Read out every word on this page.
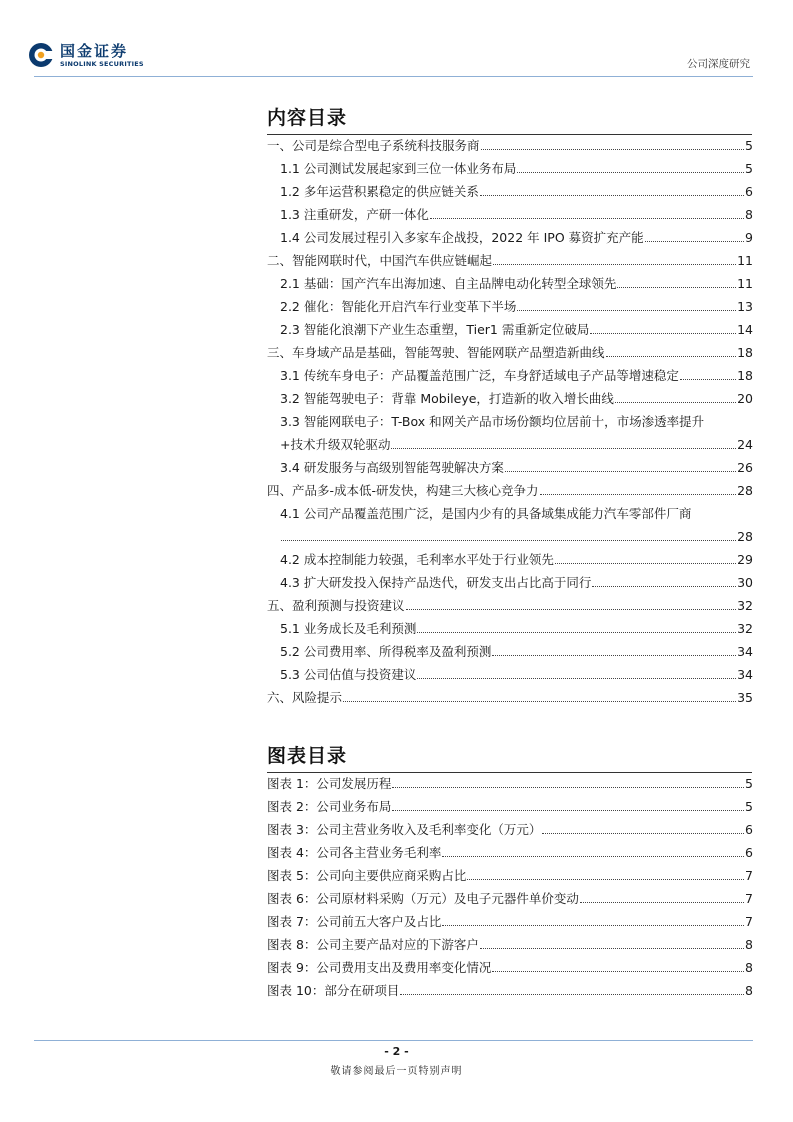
国金证券
SINOLINK SECURITIES	公司深度研究
内容目录
一、公司是综合型电子系统科技服务商	5
1.1 公司测试发展起家到三位一体业务布局	5
1.2 多年运营积累稳定的供应链关系	6
1.3 注重研发，产研一体化	8
1.4 公司发展过程引入多家车企战投，2022 年 IPO 募资扩充产能	9
二、智能网联时代，中国汽车供应链崛起	11
2.1 基础：国产汽车出海加速、自主品牌电动化转型全球领先	11
2.2 催化：智能化开启汽车行业变革下半场	13
2.3 智能化浪潮下产业生态重塑，Tier1 需重新定位破局	14
三、车身域产品是基础，智能驾驶、智能网联产品塑造新曲线	18
3.1 传统车身电子：产品覆盖范围广泛，车身舒适域电子产品等增速稳定	18
3.2 智能驾驶电子：背靠 Mobileye，打造新的收入增长曲线	20
3.3 智能网联电子：T-Box 和网关产品市场份额均位居前十，市场渗透率提升
+技术升级双轮驱动	24
3.4 研发服务与高级别智能驾驶解决方案	26
四、产品多-成本低-研发快，构建三大核心竞争力	28
4.1 公司产品覆盖范围广泛，是国内少有的具备域集成能力汽车零部件厂商
28
4.2 成本控制能力较强，毛利率水平处于行业领先	29
4.3 扩大研发投入保持产品迭代，研发支出占比高于同行	30
五、盈利预测与投资建议	32
5.1 业务成长及毛利预测	32
5.2 公司费用率、所得税率及盈利预测	34
5.3 公司估值与投资建议	34
六、风险提示	35
图表目录
图表 1：公司发展历程	5
图表 2：公司业务布局	5
图表 3：公司主营业务收入及毛利率变化（万元）	6
图表 4：公司各主营业务毛利率	6
图表 5：公司向主要供应商采购占比	7
图表 6：公司原材料采购（万元）及电子元器件单价变动	7
图表 7：公司前五大客户及占比	7
图表 8：公司主要产品对应的下游客户	8
图表 9：公司费用支出及费用率变化情况	8
图表 10：部分在研项目	8
- 2 -
敬请参阅最后一页特别声明
